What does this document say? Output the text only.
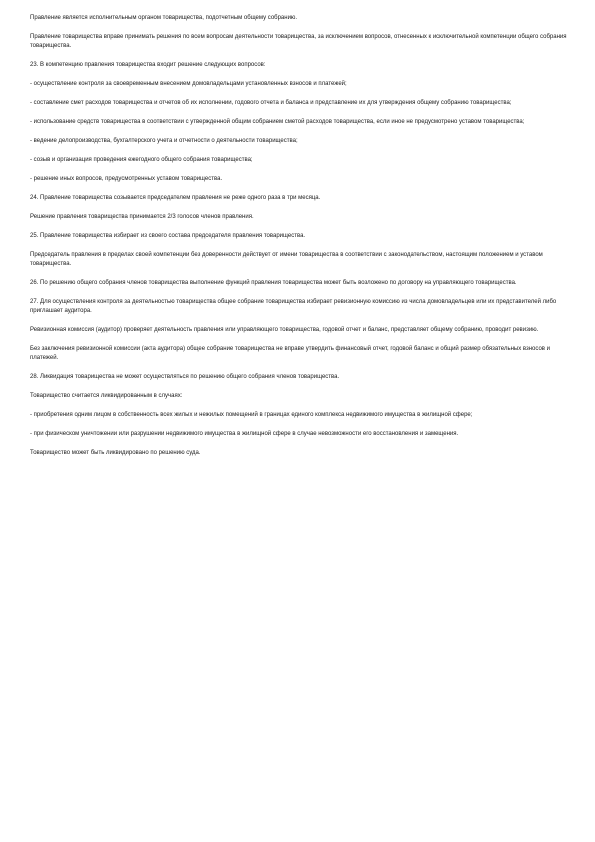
Правление является исполнительным органом товарищества, подотчетным общему собранию.

Правление товарищества вправе принимать решения по всем вопросам деятельности товарищества, за исключением вопросов, отнесенных к исключительной компетенции общего собрания товарищества.

23. В компетенцию правления товарищества входит решение следующих вопросов:

- осуществление контроля за своевременным внесением домовладельцами установленных взносов и платежей;

- составление смет расходов товарищества и отчетов об их исполнении, годового отчета и баланса и представление их для утверждения общему собранию товарищества;

- использование средств товарищества в соответствии с утвержденной общим собранием сметой расходов товарищества, если иное не предусмотрено уставом товарищества;

- ведение делопроизводства, бухгалтерского учета и отчетности о деятельности товарищества;

- созыв и организация проведения ежегодного общего собрания товарищества;

- решение иных вопросов, предусмотренных уставом товарищества.

24. Правление товарищества созывается председателем правления не реже одного раза в три месяца.

Решение правления товарищества принимается 2/3 голосов членов правления.

25. Правление товарищества избирает из своего состава председателя правления товарищества.

Председатель правления в пределах своей компетенции без доверенности действует от имени товарищества в соответствии с законодательством, настоящим положением и уставом товарищества.

26. По решению общего собрания членов товарищества выполнение функций правления товарищества может быть возложено по договору на управляющего товарищества.

27. Для осуществления контроля за деятельностью товарищества общее собрание товарищества избирает ревизионную комиссию из числа домовладельцев или их представителей либо приглашает аудитора.

Ревизионная комиссия (аудитор) проверяет деятельность правления или управляющего товарищества, годовой отчет и баланс, представляет общему собранию, проводит ревизию.

Без заключения ревизионной комиссии (акта аудитора) общее собрание товарищества не вправе утвердить финансовый отчет, годовой баланс и общий размер обязательных взносов и платежей.

28. Ликвидация товарищества не может осуществляться по решению общего собрания членов товарищества.

Товарищество считается ликвидированным в случаях:

- приобретения одним лицом в собственность всех жилых и нежилых помещений в границах единого комплекса недвижимого имущества в жилищной сфере;

- при физическом уничтожении или разрушении недвижимого имущества в жилищной сфере в случае невозможности его восстановления и замещения.

Товарищество может быть ликвидировано по решению суда.
